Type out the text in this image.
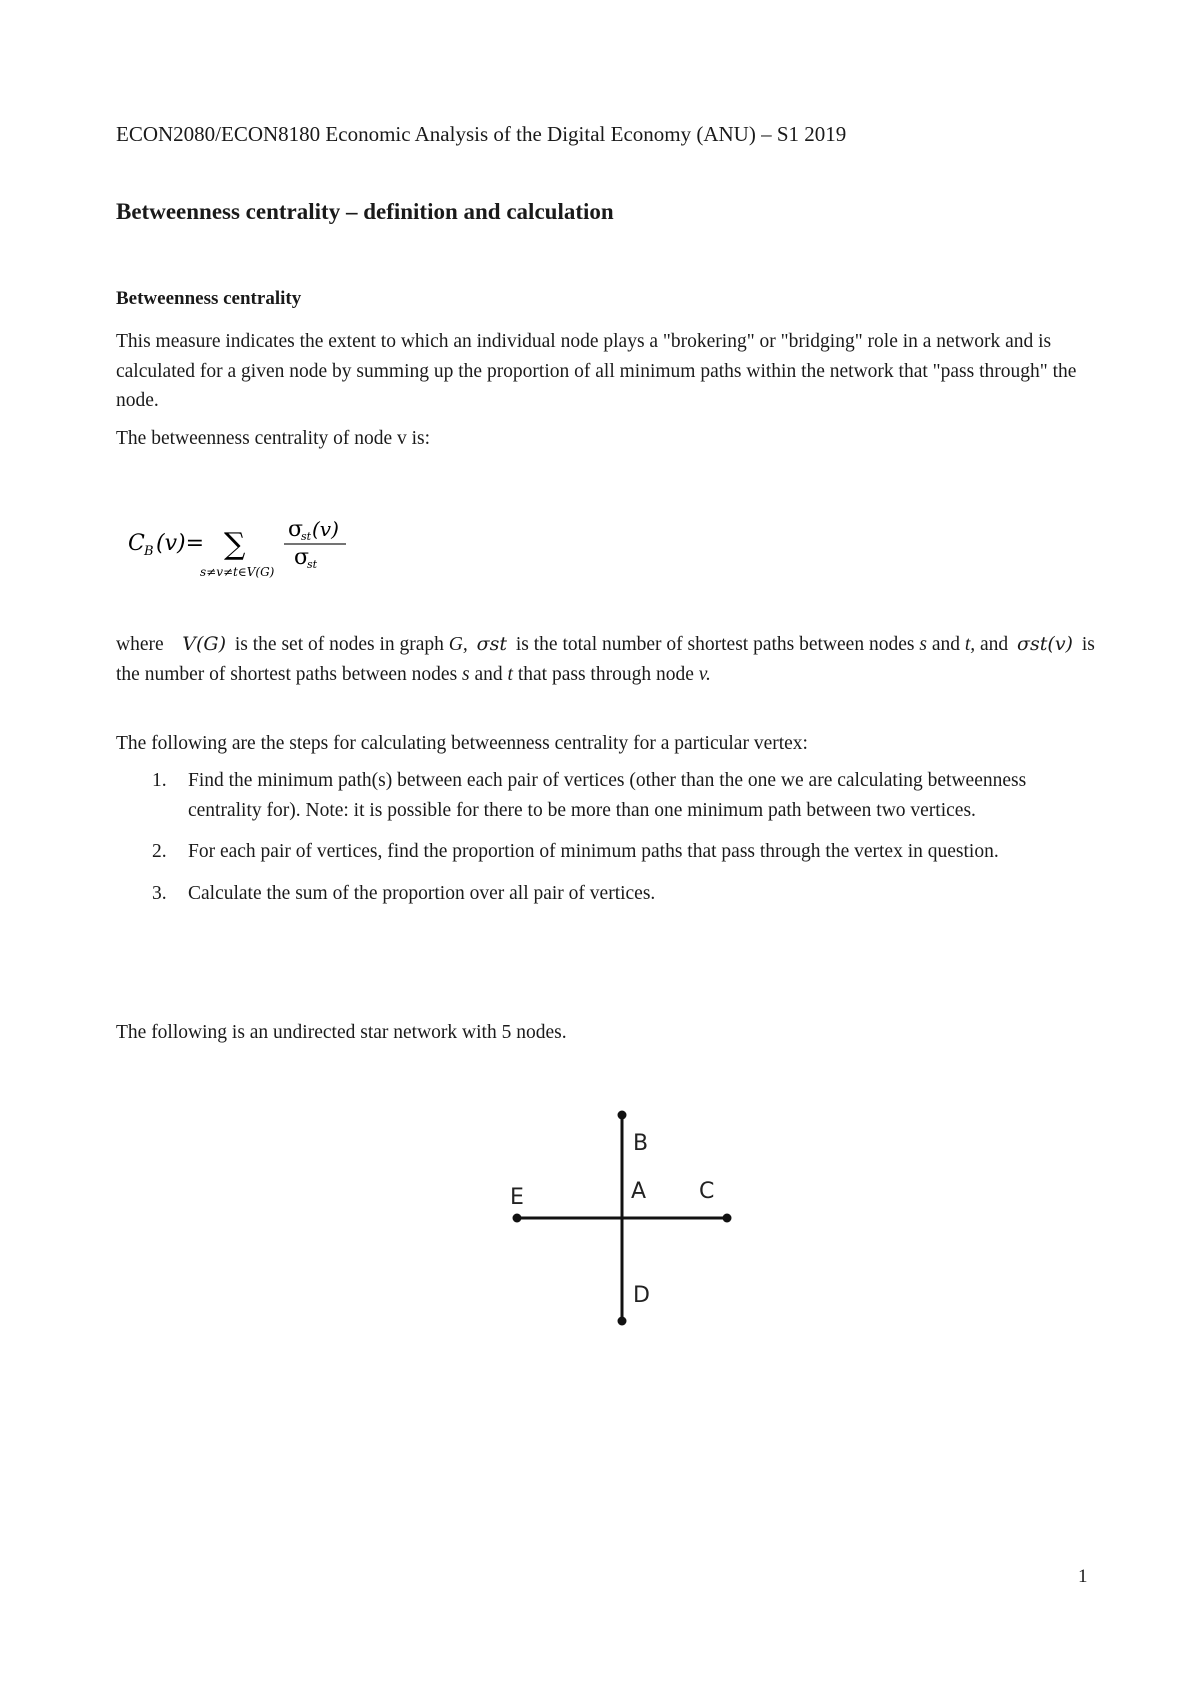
ECON2080/ECON8180 Economic Analysis of the Digital Economy (ANU) – S1 2019
Betweenness centrality – definition and calculation
Betweenness centrality
This measure indicates the extent to which an individual node plays a "brokering" or "bridging" role in a network and is calculated for a given node by summing up the proportion of all minimum paths within the network that "pass through" the node.
The betweenness centrality of node v is:
C B (v)= ∑
s≠v≠t∈V(G)
σ
st (v)
σ
st
where V(G) is the set of nodes in graph G, σst is the total number of shortest paths between nodes s and t, and σst(v) is the number of shortest paths between nodes s and t that pass through node v.
The following are the steps for calculating betweenness centrality for a particular vertex:
1. Find the minimum path(s) between each pair of vertices (other than the one we are calculating betweenness centrality for). Note: it is possible for there to be more than one minimum path between two vertices.
2. For each pair of vertices, find the proportion of minimum paths that pass through the vertex in question.
3. Calculate the sum of the proportion over all pair of vertices.
The following is an undirected star network with 5 nodes.
B
E	A C
D
1
